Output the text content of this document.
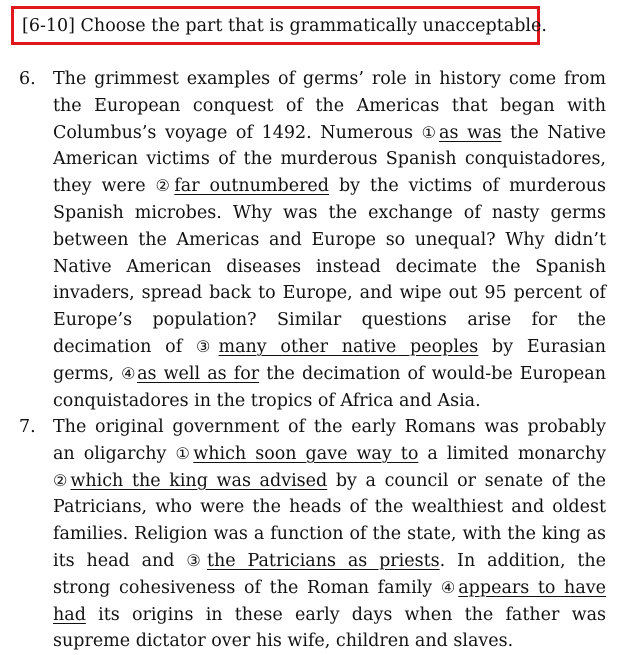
[6-10] Choose the part that is grammatically unacceptable.
6. The grimmest examples of germs’ role in history come from the European conquest of the Americas that began with Columbus’s voyage of 1492. Numerous ①as was the Native American victims of the murderous Spanish conquistadores, they were ②far outnumbered by the victims of murderous Spanish microbes. Why was the exchange of nasty germs between the Americas and Europe so unequal? Why didn’t Native American diseases instead decimate the Spanish invaders, spread back to Europe, and wipe out 95 percent of Europe’s population? Similar questions arise for the decimation of ③many other native peoples by Eurasian germs, ④as well as for the decimation of would-be European conquistadores in the tropics of Africa and Asia.
7. The original government of the early Romans was probably an oligarchy ①which soon gave way to a limited monarchy ②which the king was advised by a council or senate of the Patricians, who were the heads of the wealthiest and oldest families. Religion was a function of the state, with the king as its head and ③the Patricians as priests. In addition, the strong cohesiveness of the Roman family ④appears to have had its origins in these early days when the father was supreme dictator over his wife, children and slaves.
